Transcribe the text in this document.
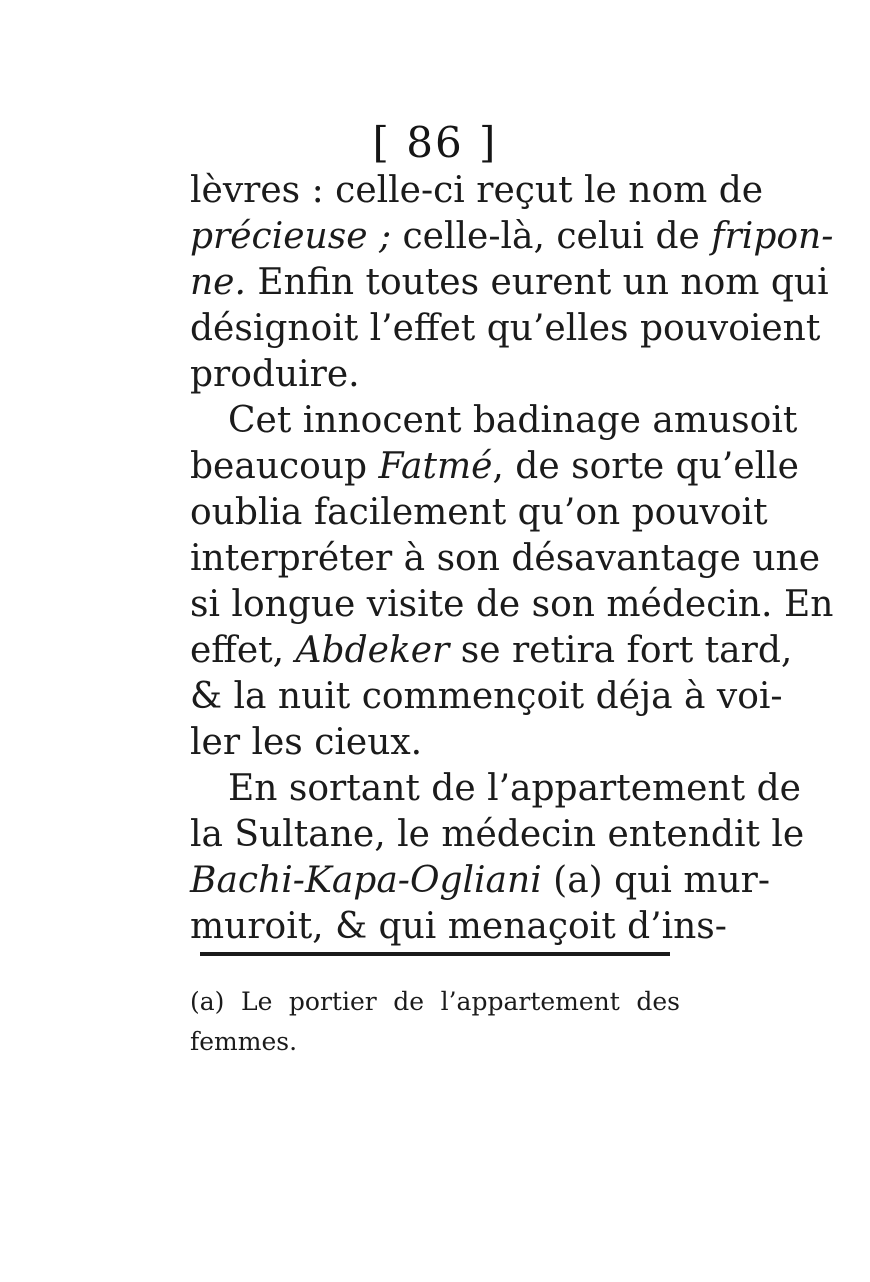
[ 86 ]
lèvres : celle-ci reçut le nom de
précieuse ; celle-là, celui de fripon-
ne. Enfin toutes eurent un nom qui
désignoit l’effet qu’elles pouvoient
produire.
Cet innocent badinage amusoit
beaucoup Fatmé, de sorte qu’elle
oublia facilement qu’on pouvoit
interpréter à son désavantage une
si longue visite de son médecin. En
effet, Abdeker se retira fort tard,
& la nuit commençoit déja à voi-
ler les cieux.
En sortant de l’appartement de
la Sultane, le médecin entendit le
Bachi-Kapa-Ogliani (a) qui mur-
muroit, & qui menaçoit d’ins-
(a) Le portier de l’appartement des
femmes.
